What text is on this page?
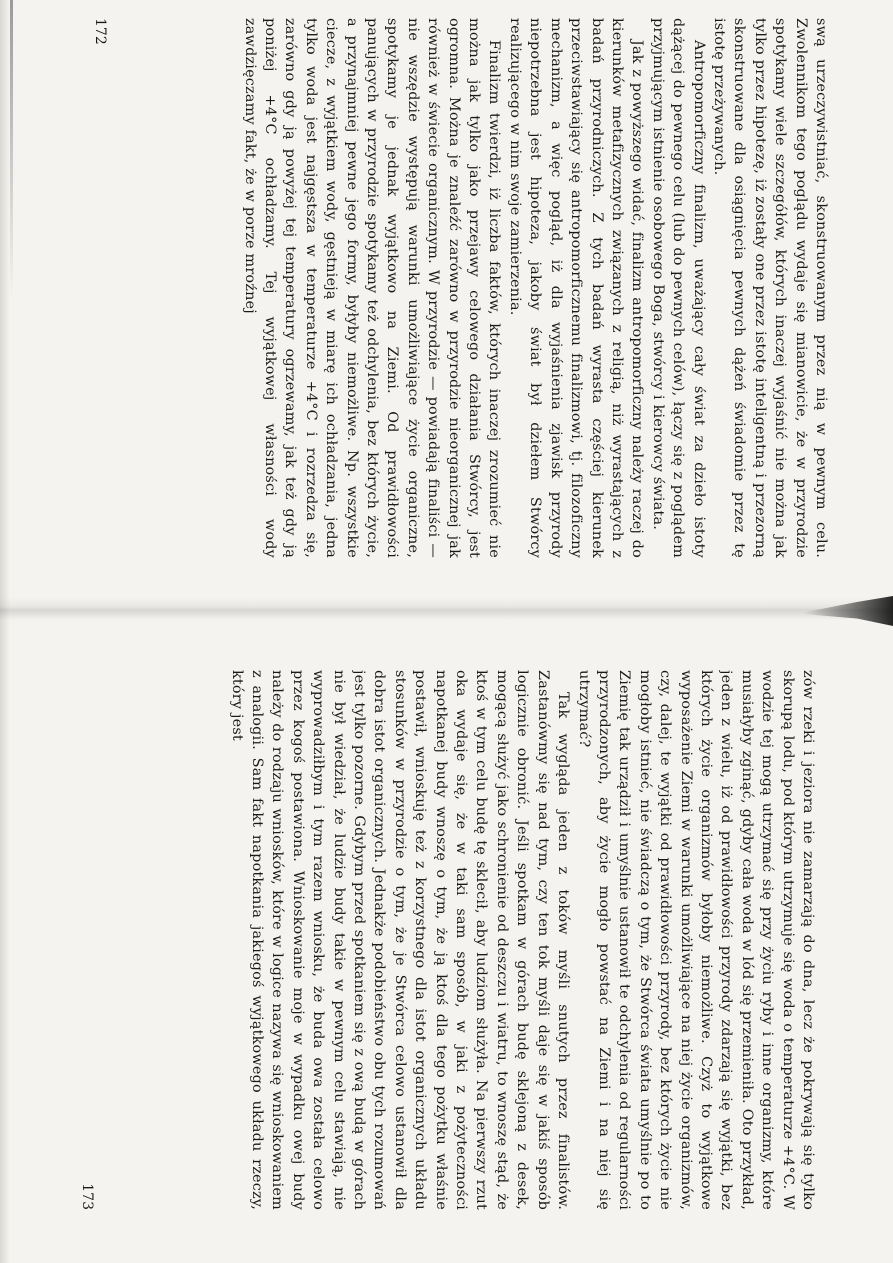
swą urzeczywistniać, skonstruowanym przez nią w pewnym celu. Zwolennikom tego poglądu wydaje się mianowicie, że w przyrodzie spotykamy wiele szczegółów, których inaczej wyjaśnić nie można jak tylko przez hipotezę, iż zostały one przez istotę inteligentną i przezorną skonstruowane dla osiągnięcia pewnych dążeń świadomie przez tę istotę przeżywanych.

Antropomorficzny finalizm, uważający cały świat za dzieło istoty dążącej do pewnego celu (lub do pewnych celów), łączy się z poglądem przyjmującym istnienie osobowego Boga, stwórcy i kierowcy świata.

Jak z powyższego widać, finalizm antropomorficzny należy raczej do kierunków metafizycznych związanych z religią, niż wyrastających z badań przyrodniczych. Z tych badań wyrasta częściej kierunek przeciwstawiający się antropomorficznemu finalizmowi, tj. filozoficzny mechanizm, a więc pogląd, iż dla wyjaśnienia zjawisk przyrody niepotrzebna jest hipoteza, jakoby świat był dziełem Stwórcy realizującego w nim swoje zamierzenia.

Finalizm twierdzi, iż liczba faktów, których inaczej zrozumieć nie można jak tylko jako przejawy celowego działania Stwórcy, jest ogromna. Można je znaleźć zarówno w przyrodzie nieorganicznej jak również w świecie organicznym. W przyrodzie — powiadają finaliści — nie wszędzie występują warunki umożliwiające życie organiczne, spotykamy je jednak wyjątkowo na Ziemi. Od prawidłowości panujących w przyrodzie spotykamy też odchylenia, bez których życie, a przynajmniej pewne jego formy, byłyby niemożliwe. Np. wszystkie ciecze, z wyjątkiem wody, gęstnieją w miarę ich ochładzania, jedna tylko woda jest najgęstsza w temperaturze +4°C i rozrzedza się, zarówno gdy ją powyżej tej temperatury ogrzewamy, jak też gdy ją poniżej +4°C ochładzamy. Tej wyjątkowej własności wody zawdzięczamy fakt, że w porze mroźnej

172

zów rzeki i jeziora nie zamarzają do dna, lecz że pokrywają się tylko skorupą lodu, pod którym utrzymuje się woda o temperaturze +4°C. W wodzie tej mogą utrzymać się przy życiu ryby i inne organizmy, które musiałyby zginąć, gdyby cała woda w lód się przemieniła. Oto przykład, jeden z wielu, iż od prawidłowości przyrody zdarzają się wyjątki, bez których życie organizmów byłoby niemożliwe. Czyż to wyjątkowe wyposażenie Ziemi w warunki umożliwiające na niej życie organizmów, czy, dalej, te wyjątki od prawidłowości przyrody, bez których życie nie mogłoby istnieć, nie świadczą o tym, że Stwórca świata umyślnie po to Ziemię tak urządził i umyślnie ustanowił te odchylenia od regularności przyrodzonych, aby życie mogło powstać na Ziemi i na niej się utrzymać?

Tak wygląda jeden z toków myśli snutych przez finalistów. Zastanówmy się nad tym, czy ten tok myśli daje się w jakiś sposób logicznie obronić. Jeśli spotkam w górach budę sklejoną z desek, mogącą służyć jako schronienie od deszczu i wiatru, to wnoszę stąd, że ktoś w tym celu budę tę sklecił, aby ludziom służyła. Na pierwszy rzut oka wydaje się, że w taki sam sposób, w jaki z pożyteczności napotkanej budy wnoszę o tym, że ją ktoś dla tego pożytku właśnie postawił, wnioskuję też z korzystnego dla istot organicznych układu stosunków w przyrodzie o tym, że je Stwórca celowo ustanowił dla dobra istot organicznych. Jednakże podobieństwo obu tych rozumowań jest tylko pozorne. Gdybym przed spotkaniem się z ową budą w górach nie był wiedział, że ludzie budy takie w pewnym celu stawiają, nie wyprowadziłbym i tym razem wniosku, że buda owa została celowo przez kogoś postawiona. Wnioskowanie moje w wypadku owej budy należy do rodzaju wniosków, które w logice nazywa się wnioskowaniem z analogii. Sam fakt napotkania jakiegoś wyjątkowego układu rzeczy, który jest

173
